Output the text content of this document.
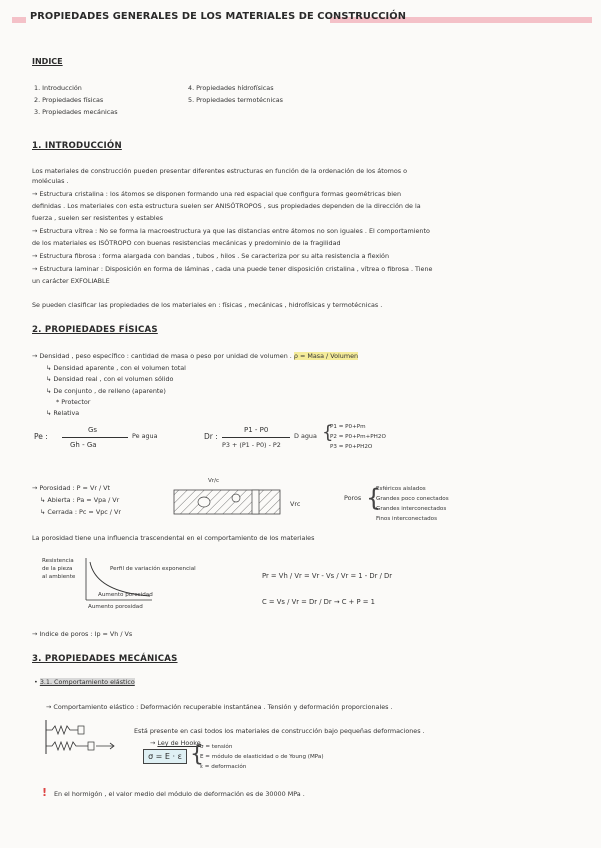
PROPIEDADES GENERALES DE LOS MATERIALES DE CONSTRUCCIÓN
INDICE
1. Introducción
2. Propiedades físicas
3. Propiedades mecánicas
4. Propiedades hídrofísicas
5. Propiedades termotécnicas
1. INTRODUCCIÓN
Los materiales de construcción pueden presentar diferentes estructuras en función de la ordenación de los átomos o
moléculas .
→ Estructura cristalina : los átomos se disponen formando una red espacial que configura formas geométricas bien
definidas . Los materiales con esta estructura suelen ser ANISÓTROPOS , sus propiedades dependen de la dirección de la
fuerza , suelen ser resistentes y estables
→ Estructura vítrea : No se forma la macroestructura ya que las distancias entre átomos no son iguales . El comportamiento
de los materiales es ISÓTROPO con buenas resistencias mecánicas y predominio de la fragilidad
→ Estructura fibrosa : forma alargada con bandas , tubos , hilos . Se caracteriza por su alta resistencia a flexión
→ Estructura laminar : Disposición en forma de láminas , cada una puede tener disposición cristalina , vítrea o fibrosa . Tiene
un carácter EXFOLIABLE
Se pueden clasificar las propiedades de los materiales en : físicas , mecánicas , hidrofísicas y termotécnicas .
2. PROPIEDADES FÍSICAS
→ Densidad , peso específico : cantidad de masa o peso por unidad de volumen . ρ = Masa / Volumen
↳ Densidad aparente , con el volumen total
↳ Densidad real , con el volumen sólido
↳ De conjunto , de relleno (aparente)
* Protector
↳ Relativa
Pe :
Gs
Gh - Ga
Pe agua	Dr :
P1 - P0
P3 + (P1 - P0) - P2
D agua {
P1 = P0+Pm
P2 = P0+Pm+PH2O
P3 = P0+PH2O
→ Porosidad : P = Vr / Vt
↳ Abierta : Pa = Vpa / Vr
↳ Cerrada : Pc = Vpc / Vr
Vr/c
Vrc
Poros {
Esféricos aislados
Grandes poco conectados
Grandes interconectados
Finos interconectados
La porosidad tiene una influencia trascendental en el comportamiento de los materiales
Resistencia
de la pieza
al ambiente
Perfil de variación exponencial
Aumento porosidad
Aumento porosidad
Pr = Vh / Vr = Vr - Vs / Vr = 1 - Dr / Dr
C = Vs / Vr = Dr / Dr → C + P = 1
→ Indice de poros : Ip = Vh / Vs
3. PROPIEDADES MECÁNICAS
• 3.1. Comportamiento elástico
→ Comportamiento elástico : Deformación recuperable instantánea . Tensión y deformación proporcionales .
Está presente en casi todos los materiales de construcción bajo pequeñas deformaciones .
→ Ley de Hooke
σ = E · ε {
σ = tensión
E = módulo de elasticidad o de Young (MPa)
ε = deformación
! En el hormigón , el valor medio del módulo de deformación es de 30000 MPa .
